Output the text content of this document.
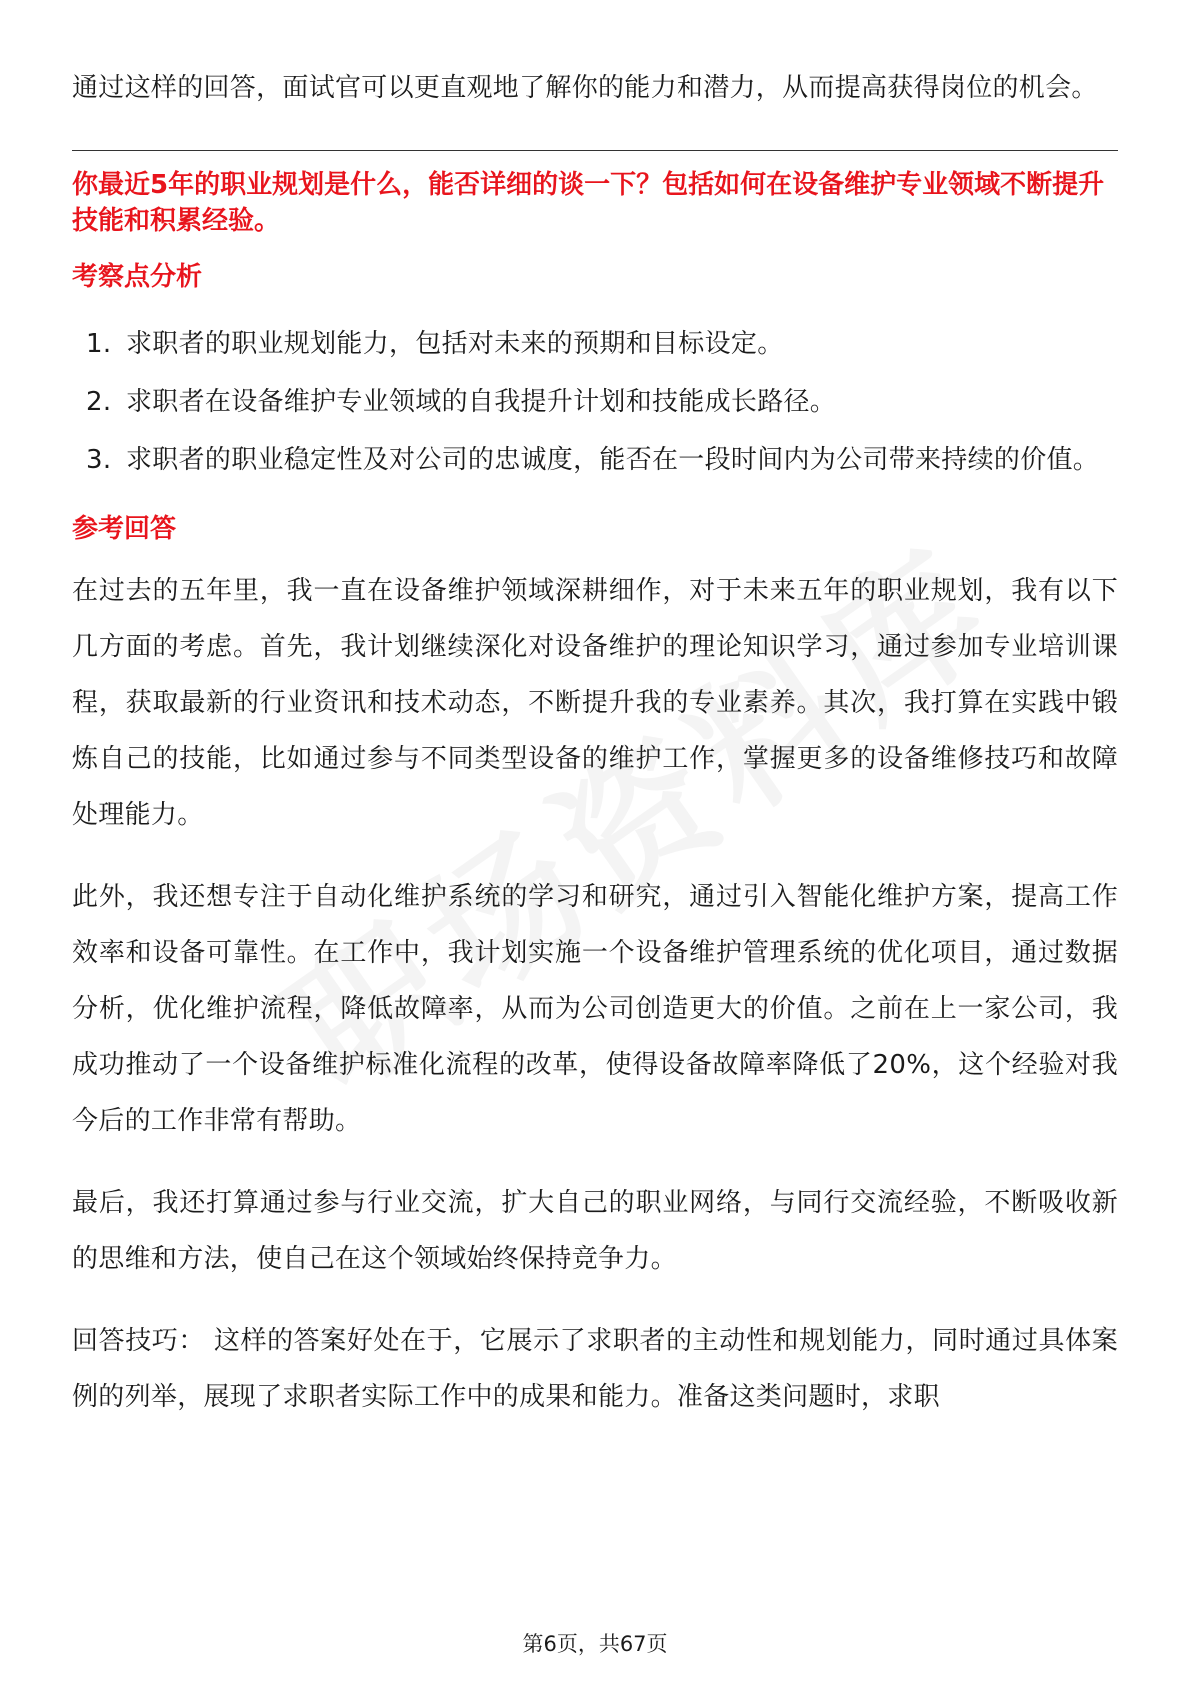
通过这样的回答，面试官可以更直观地了解你的能力和潜力，从而提高获得岗位的机会。

你最近5年的职业规划是什么，能否详细的谈一下？包括如何在设备维护专业领域不断提升技能和积累经验。

考察点分析

1. 求职者的职业规划能力，包括对未来的预期和目标设定。
2. 求职者在设备维护专业领域的自我提升计划和技能成长路径。
3. 求职者的职业稳定性及对公司的忠诚度，能否在一段时间内为公司带来持续的价值。

参考回答

在过去的五年里，我一直在设备维护领域深耕细作，对于未来五年的职业规划，我有以下几方面的考虑。首先，我计划继续深化对设备维护的理论知识学习，通过参加专业培训课程，获取最新的行业资讯和技术动态，不断提升我的专业素养。其次，我打算在实践中锻炼自己的技能，比如通过参与不同类型设备的维护工作，掌握更多的设备维修技巧和故障处理能力。

此外，我还想专注于自动化维护系统的学习和研究，通过引入智能化维护方案，提高工作效率和设备可靠性。在工作中，我计划实施一个设备维护管理系统的优化项目，通过数据分析，优化维护流程，降低故障率，从而为公司创造更大的价值。之前在上一家公司，我成功推动了一个设备维护标准化流程的改革，使得设备故障率降低了20%，这个经验对我今后的工作非常有帮助。

最后，我还打算通过参与行业交流，扩大自己的职业网络，与同行交流经验，不断吸收新的思维和方法，使自己在这个领域始终保持竞争力。

回答技巧： 这样的答案好处在于，它展示了求职者的主动性和规划能力，同时通过具体案例的列举，展现了求职者实际工作中的成果和能力。准备这类问题时，求职

第6页，共67页
